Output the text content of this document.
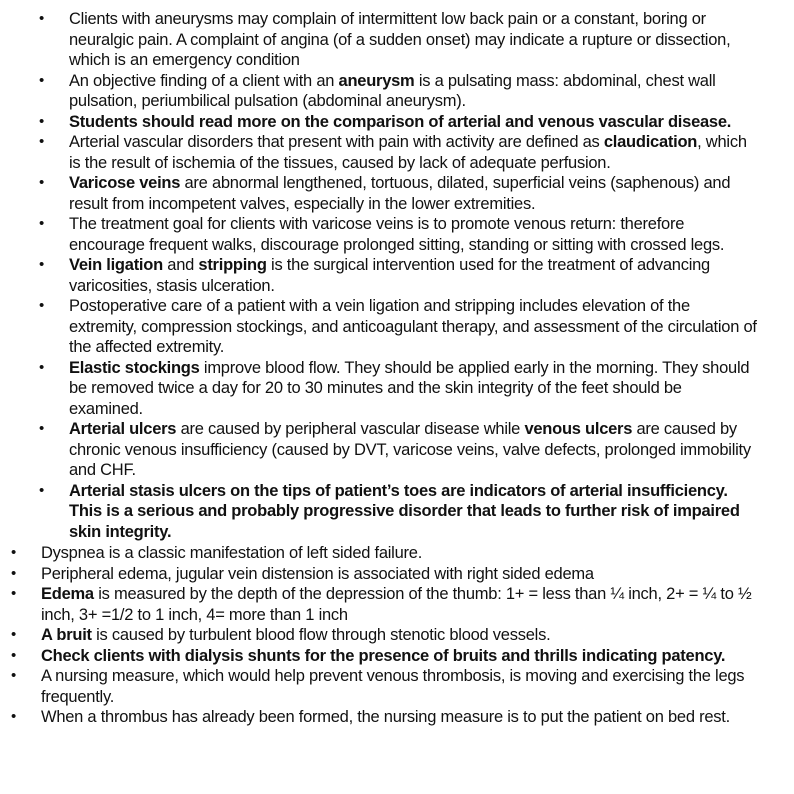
• Clients with aneurysms may complain of intermittent low back pain or a constant, boring or neuralgic pain. A complaint of angina (of a sudden onset) may indicate a rupture or dissection, which is an emergency condition
• An objective finding of a client with an aneurysm is a pulsating mass: abdominal, chest wall pulsation, periumbilical pulsation (abdominal aneurysm).
• Students should read more on the comparison of arterial and venous vascular disease.
• Arterial vascular disorders that present with pain with activity are defined as claudication, which is the result of ischemia of the tissues, caused by lack of adequate perfusion.
• Varicose veins are abnormal lengthened, tortuous, dilated, superficial veins (saphenous) and result from incompetent valves, especially in the lower extremities.
• The treatment goal for clients with varicose veins is to promote venous return: therefore encourage frequent walks, discourage prolonged sitting, standing or sitting with crossed legs.
• Vein ligation and stripping is the surgical intervention used for the treatment of advancing varicosities, stasis ulceration.
• Postoperative care of a patient with a vein ligation and stripping includes elevation of the extremity, compression stockings, and anticoagulant therapy, and assessment of the circulation of the affected extremity.
• Elastic stockings improve blood flow. They should be applied early in the morning. They should be removed twice a day for 20 to 30 minutes and the skin integrity of the feet should be examined.
• Arterial ulcers are caused by peripheral vascular disease while venous ulcers are caused by chronic venous insufficiency (caused by DVT, varicose veins, valve defects, prolonged immobility and CHF.
• Arterial stasis ulcers on the tips of patient’s toes are indicators of arterial insufficiency. This is a serious and probably progressive disorder that leads to further risk of impaired skin integrity.
• Dyspnea is a classic manifestation of left sided failure.
• Peripheral edema, jugular vein distension is associated with right sided edema
• Edema is measured by the depth of the depression of the thumb: 1+ = less than ¼ inch, 2+ = ¼ to ½ inch, 3+ =1/2 to 1 inch, 4= more than 1 inch
• A bruit is caused by turbulent blood flow through stenotic blood vessels.
• Check clients with dialysis shunts for the presence of bruits and thrills indicating patency.
• A nursing measure, which would help prevent venous thrombosis, is moving and exercising the legs frequently.
• When a thrombus has already been formed, the nursing measure is to put the patient on bed rest.
